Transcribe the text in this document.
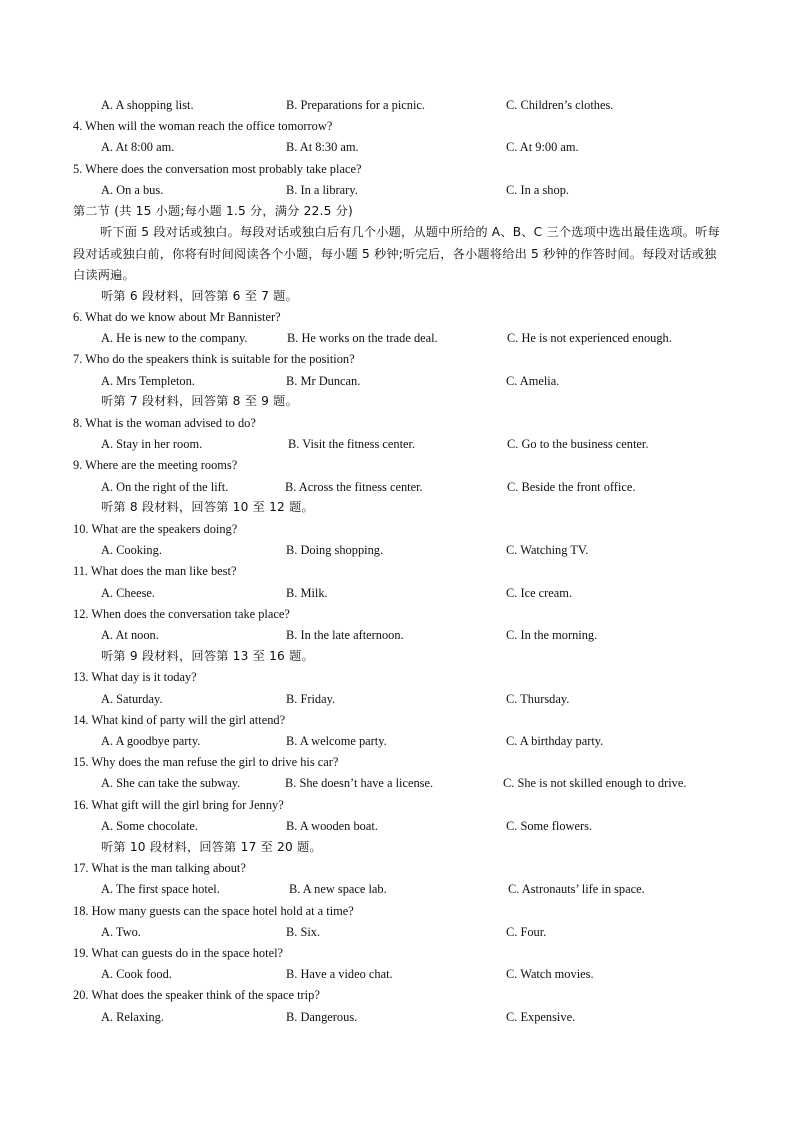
A. A shopping list.	B. Preparations for a picnic.	C. Children’s clothes.
4. When will the woman reach the office tomorrow?
A. At 8:00 am.	B. At 8:30 am.	C. At 9:00 am.
5. Where does the conversation most probably take place?
A. On a bus.	B. In a library.	C. In a shop.
第二节 (共 15 小题;每小题 1.5 分，满分 22.5 分)
听下面 5 段对话或独白。每段对话或独白后有几个小题，从题中所给的 A、B、C 三个选项中选出最佳选项。听每段对话或独白前，你将有时间阅读各个小题，每小题 5 秒钟;听完后，各小题将给出 5 秒钟的作答时间。每段对话或独白读两遍。
听第 6 段材料，回答第 6 至 7 题。
6. What do we know about Mr Bannister?
A. He is new to the company.	B. He works on the trade deal.	C. He is not experienced enough.
7. Who do the speakers think is suitable for the position?
A. Mrs Templeton.	B. Mr Duncan.	C. Amelia.
听第 7 段材料，回答第 8 至 9 题。
8. What is the woman advised to do?
A. Stay in her room.	B. Visit the fitness center.	C. Go to the business center.
9. Where are the meeting rooms?
A. On the right of the lift.	B. Across the fitness center.	C. Beside the front office.
听第 8 段材料，回答第 10 至 12 题。
10. What are the speakers doing?
A. Cooking.	B. Doing shopping.	C. Watching TV.
11. What does the man like best?
A. Cheese.	B. Milk.	C. Ice cream.
12. When does the conversation take place?
A. At noon.	B. In the late afternoon.	C. In the morning.
听第 9 段材料，回答第 13 至 16 题。
13. What day is it today?
A. Saturday.	B. Friday.	C. Thursday.
14. What kind of party will the girl attend?
A. A goodbye party.	B. A welcome party.	C. A birthday party.
15. Why does the man refuse the girl to drive his car?
A. She can take the subway.	B. She doesn’t have a license.	C. She is not skilled enough to drive.
16. What gift will the girl bring for Jenny?
A. Some chocolate.	B. A wooden boat.	C. Some flowers.
听第 10 段材料，回答第 17 至 20 题。
17. What is the man talking about?
A. The first space hotel.	B. A new space lab.	C. Astronauts’ life in space.
18. How many guests can the space hotel hold at a time?
A. Two.	B. Six.	C. Four.
19. What can guests do in the space hotel?
A. Cook food.	B. Have a video chat.	C. Watch movies.
20. What does the speaker think of the space trip?
A. Relaxing.	B. Dangerous.	C. Expensive.
